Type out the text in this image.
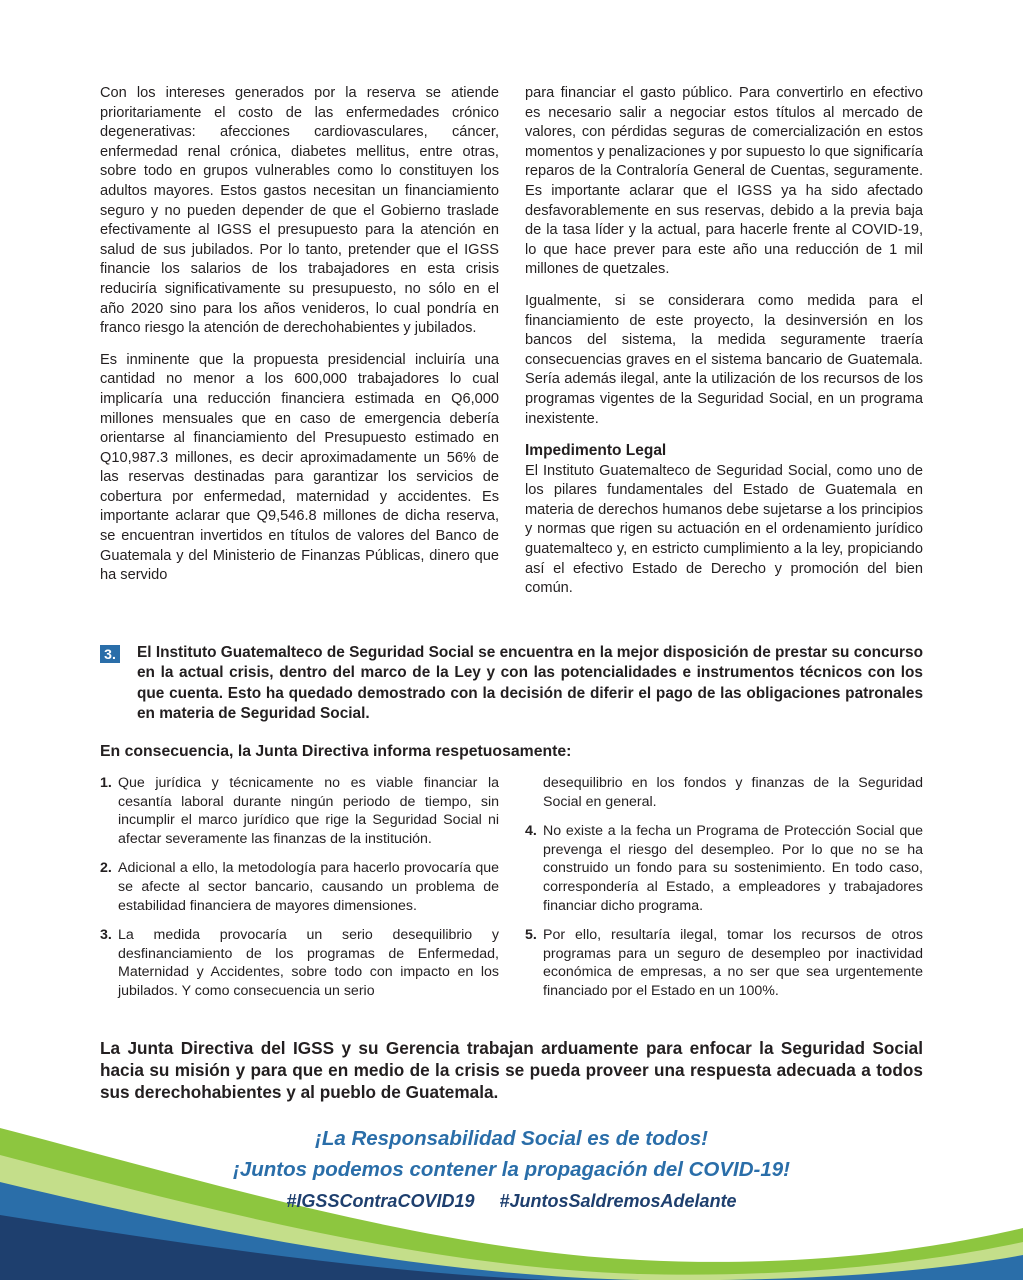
Con los intereses generados por la reserva se atiende prioritariamente el costo de las enfermedades crónico degenerativas: afecciones cardiovasculares, cáncer, enfermedad renal crónica, diabetes mellitus, entre otras, sobre todo en grupos vulnerables como lo constituyen los adultos mayores. Estos gastos necesitan un financiamiento seguro y no pueden depender de que el Gobierno traslade efectivamente al IGSS el presupuesto para la atención en salud de sus jubilados. Por lo tanto, pretender que el IGSS financie los salarios de los trabajadores en esta crisis reduciría significativamente su presupuesto, no sólo en el año 2020 sino para los años venideros, lo cual pondría en franco riesgo la atención de derechohabientes y jubilados.

Es inminente que la propuesta presidencial incluiría una cantidad no menor a los 600,000 trabajadores lo cual implicaría una reducción financiera estimada en Q6,000 millones mensuales que en caso de emergencia debería orientarse al financiamiento del Presupuesto estimado en Q10,987.3 millones, es decir aproximadamente un 56% de las reservas destinadas para garantizar los servicios de cobertura por enfermedad, maternidad y accidentes. Es importante aclarar que Q9,546.8 millones de dicha reserva, se encuentran invertidos en títulos de valores del Banco de Guatemala y del Ministerio de Finanzas Públicas, dinero que ha servido

para financiar el gasto público. Para convertirlo en efectivo es necesario salir a negociar estos títulos al mercado de valores, con pérdidas seguras de comercialización en estos momentos y penalizaciones y por supuesto lo que significaría reparos de la Contraloría General de Cuentas, seguramente. Es importante aclarar que el IGSS ya ha sido afectado desfavorablemente en sus reservas, debido a la previa baja de la tasa líder y la actual, para hacerle frente al COVID-19, lo que hace prever para este año una reducción de 1 mil millones de quetzales.

Igualmente, si se considerara como medida para el financiamiento de este proyecto, la desinversión en los bancos del sistema, la medida seguramente traería consecuencias graves en el sistema bancario de Guatemala. Sería además ilegal, ante la utilización de los recursos de los programas vigentes de la Seguridad Social, en un programa inexistente.

Impedimento Legal

El Instituto Guatemalteco de Seguridad Social, como uno de los pilares fundamentales del Estado de Guatemala en materia de derechos humanos debe sujetarse a los principios y normas que rigen su actuación en el ordenamiento jurídico guatemalteco y, en estricto cumplimiento a la ley, propiciando así el efectivo Estado de Derecho y promoción del bien común.

3. El Instituto Guatemalteco de Seguridad Social se encuentra en la mejor disposición de prestar su concurso en la actual crisis, dentro del marco de la Ley y con las potencialidades e instrumentos técnicos con los que cuenta. Esto ha quedado demostrado con la decisión de diferir el pago de las obligaciones patronales en materia de Seguridad Social.
En consecuencia, la Junta Directiva informa respetuosamente:
1. Que jurídica y técnicamente no es viable financiar la cesantía laboral durante ningún periodo de tiempo, sin incumplir el marco jurídico que rige la Seguridad Social ni afectar severamente las finanzas de la institución.
2. Adicional a ello, la metodología para hacerlo provocaría que se afecte al sector bancario, causando un problema de estabilidad financiera de mayores dimensiones.
3. La medida provocaría un serio desequilibrio y desfinanciamiento de los programas de Enfermedad, Maternidad y Accidentes, sobre todo con impacto en los jubilados. Y como consecuencia un serio
desequilibrio en los fondos y finanzas de la Seguridad Social en general.
4. No existe a la fecha un Programa de Protección Social que prevenga el riesgo del desempleo. Por lo que no se ha construido un fondo para su sostenimiento. En todo caso, correspondería al Estado, a empleadores y trabajadores financiar dicho programa.
5. Por ello, resultaría ilegal, tomar los recursos de otros programas para un seguro de desempleo por inactividad económica de empresas, a no ser que sea urgentemente financiado por el Estado en un 100%.
La Junta Directiva del IGSS y su Gerencia trabajan arduamente para enfocar la Seguridad Social hacia su misión y para que en medio de la crisis se pueda proveer una respuesta adecuada a todos sus derechohabientes y al pueblo de Guatemala.
¡La Responsabilidad Social es de todos!
¡Juntos podemos contener la propagación del COVID-19!
#IGSSContraCOVID19 #JuntosSaldremosAdelante
